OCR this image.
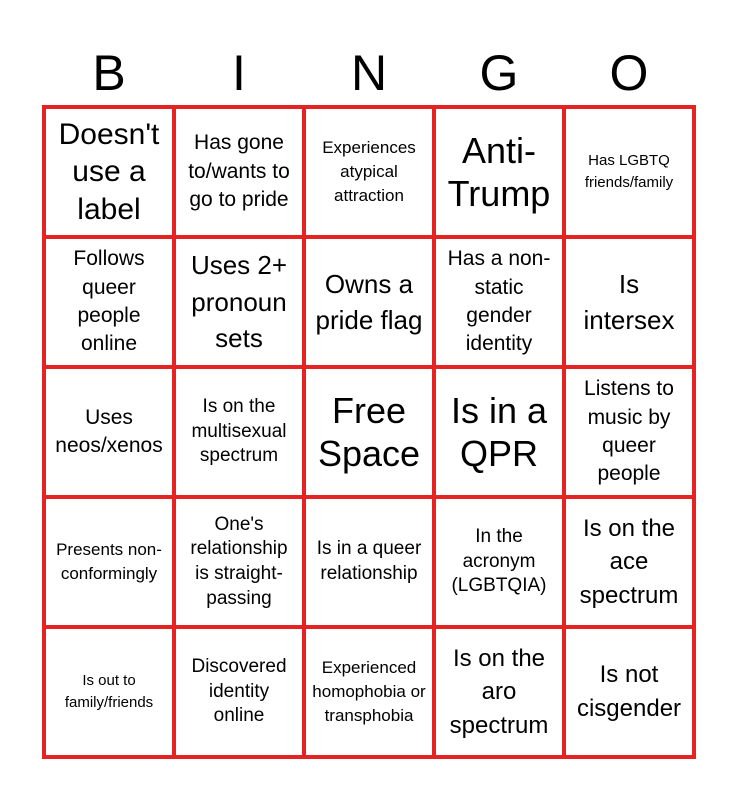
B	I	N	G	O
Doesn't use a label
Has gone to/wants to go to pride
Experiences atypical attraction
Anti-Trump
Has LGBTQ friends/family
Follows queer people online
Uses 2+ pronoun sets
Owns a pride flag
Has a non-static gender identity
Is intersex
Uses neos/xenos
Is on the multisexual spectrum
Free Space
Is in a QPR
Listens to music by queer people
Presents non-conformingly
One's relationship is straight-passing
Is in a queer relationship
In the acronym (LGBTQIA)
Is on the ace spectrum
Is out to family/friends
Discovered identity online
Experienced homophobia or transphobia
Is on the aro spectrum
Is not cisgender
